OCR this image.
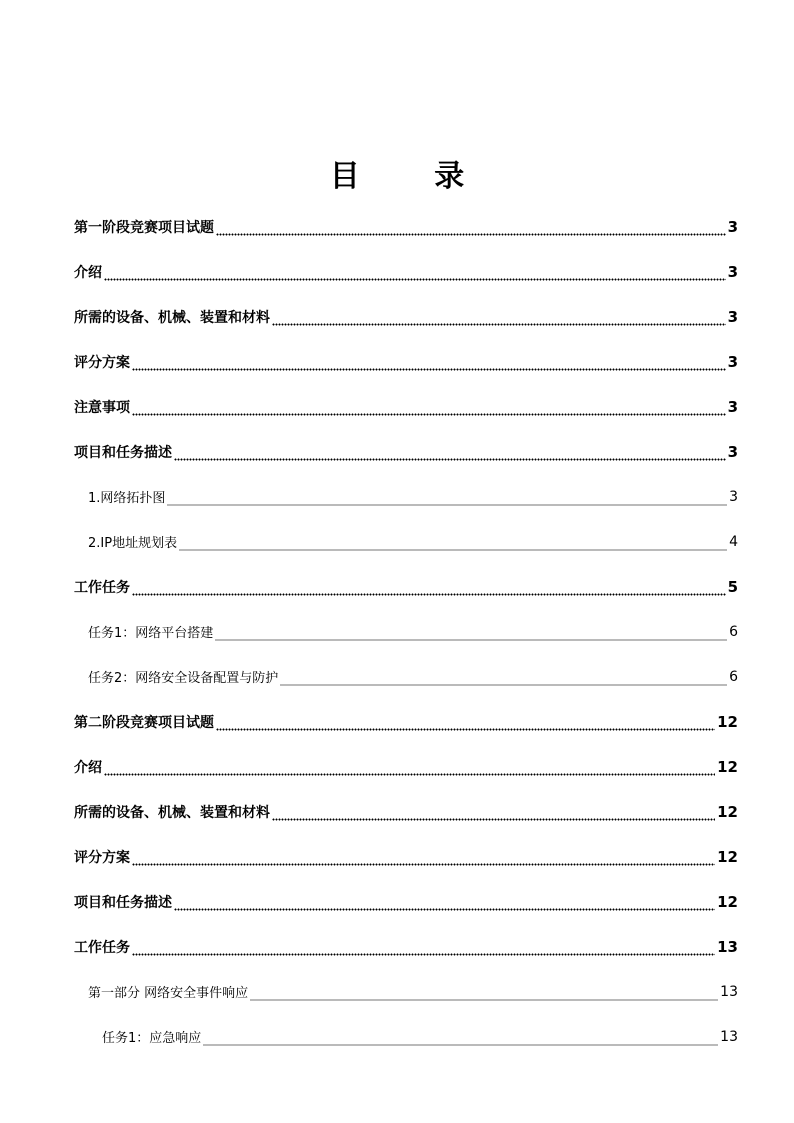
目 录
第一阶段竞赛项目试题	3
介绍	3
所需的设备、机械、装置和材料	3
评分方案	3
注意事项	3
项目和任务描述	3
1.网络拓扑图	3
2.IP地址规划表	4
工作任务	5
任务1：网络平台搭建	6
任务2：网络安全设备配置与防护	6
第二阶段竞赛项目试题	12
介绍	12
所需的设备、机械、装置和材料	12
评分方案	12
项目和任务描述	12
工作任务	13
第一部分 网络安全事件响应	13
任务1：应急响应	13
